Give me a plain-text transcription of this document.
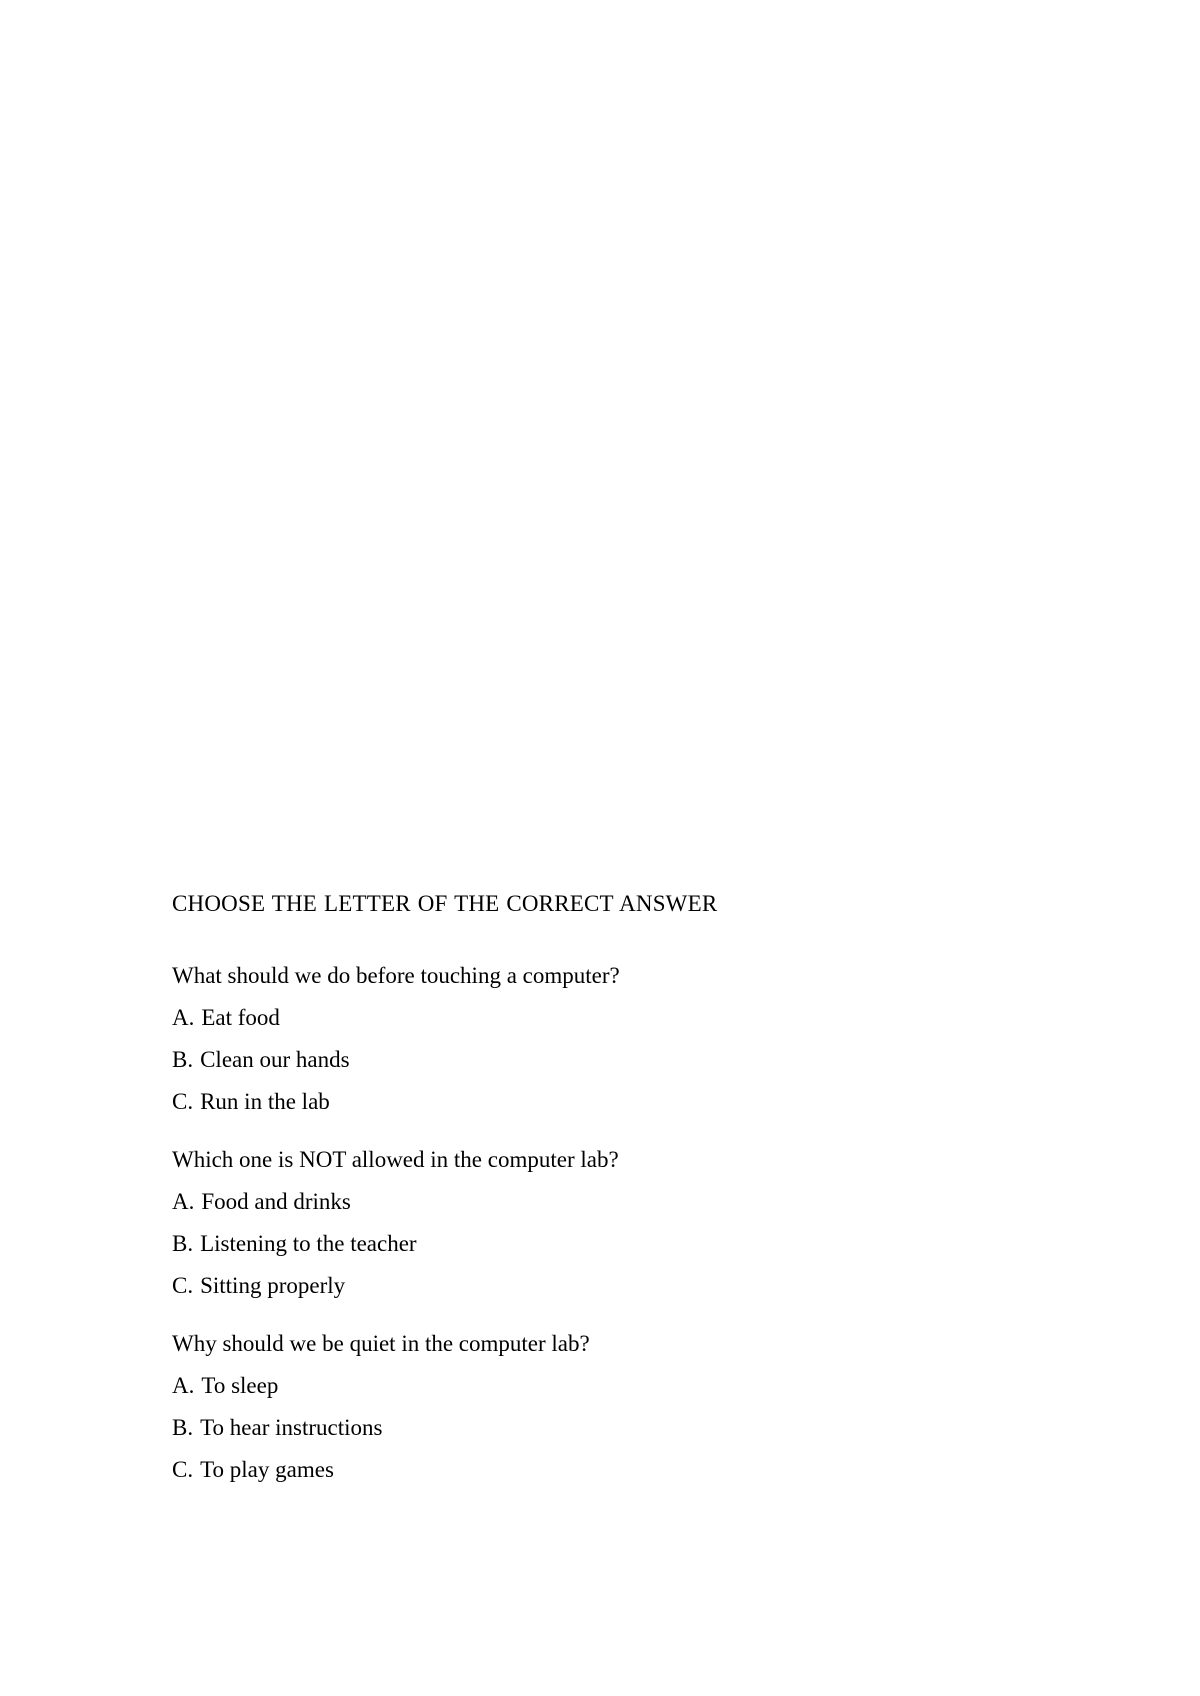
CHOOSE THE LETTER OF THE CORRECT ANSWER

What should we do before touching a computer?

A. Eat food
B. Clean our hands
C. Run in the lab

Which one is NOT allowed in the computer lab?

A. Food and drinks
B. Listening to the teacher
C. Sitting properly

Why should we be quiet in the computer lab?

A. To sleep
B. To hear instructions
C. To play games
